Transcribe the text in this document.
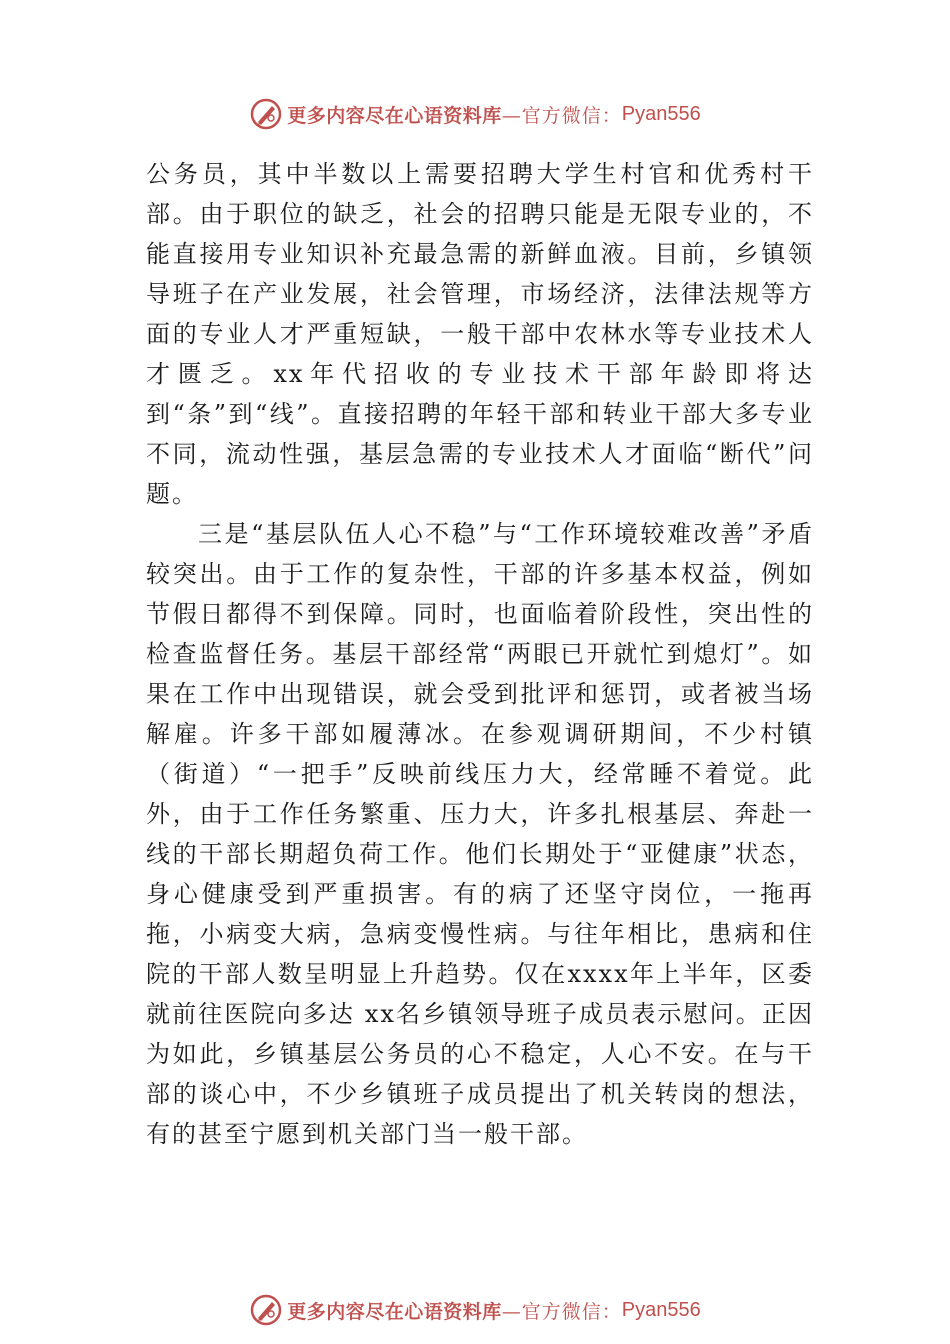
更多内容尽在心语资料库 —官方微信： Pyan556

公务员，其中半数以上需要招聘大学生村官和优秀村干部。由于职位的缺乏，社会的招聘只能是无限专业的，不能直接用专业知识补充最急需的新鲜血液。目前，乡镇领导班子在产业发展，社会管理，市场经济，法律法规等方面的专业人才严重短缺，一般干部中农林水等专业技术人才匮乏。xx年代招收的专业技术干部年龄即将达到“条”到“线”。直接招聘的年轻干部和转业干部大多专业不同，流动性强，基层急需的专业技术人才面临“断代”问题。

三是“基层队伍人心不稳”与“工作环境较难改善”矛盾较突出。由于工作的复杂性，干部的许多基本权益，例如节假日都得不到保障。同时，也面临着阶段性，突出性的检查监督任务。基层干部经常“两眼已开就忙到熄灯”。如果在工作中出现错误，就会受到批评和惩罚，或者被当场解雇。许多干部如履薄冰。在参观调研期间，不少村镇（街道）“一把手”反映前线压力大，经常睡不着觉。此外，由于工作任务繁重、压力大，许多扎根基层、奔赴一线的干部长期超负荷工作。他们长期处于“亚健康”状态，身心健康受到严重损害。有的病了还坚守岗位，一拖再拖，小病变大病，急病变慢性病。与往年相比，患病和住院的干部人数呈明显上升趋势。仅在xxxx年上半年，区委就前往医院向多达 xx名乡镇领导班子成员表示慰问。正因为如此，乡镇基层公务员的心不稳定，人心不安。在与干部的谈心中，不少乡镇班子成员提出了机关转岗的想法，有的甚至宁愿到机关部门当一般干部。

更多内容尽在心语资料库 —官方微信： Pyan556
